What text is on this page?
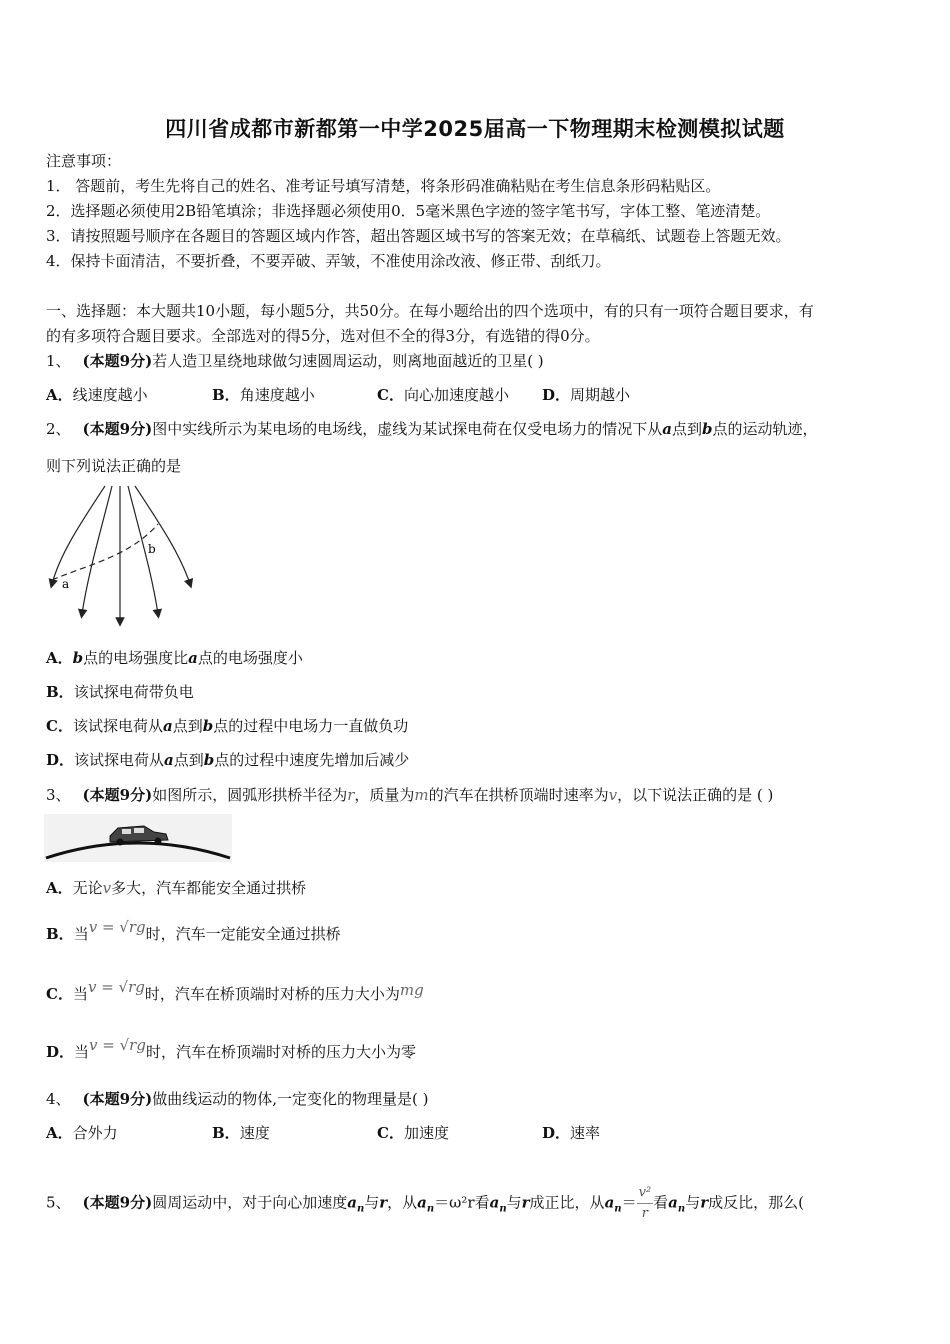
四川省成都市新都第一中学2025届高一下物理期末检测模拟试题
注意事项：
1． 答题前，考生先将自己的姓名、准考证号填写清楚，将条形码准确粘贴在考生信息条形码粘贴区。
2．选择题必须使用2B铅笔填涂；非选择题必须使用0．5毫米黑色字迹的签字笔书写，字体工整、笔迹清楚。
3．请按照题号顺序在各题目的答题区域内作答，超出答题区域书写的答案无效；在草稿纸、试题卷上答题无效。
4．保持卡面清洁，不要折叠，不要弄破、弄皱，不准使用涂改液、修正带、刮纸刀。
一、选择题：本大题共10小题，每小题5分，共50分。在每小题给出的四个选项中，有的只有一项符合题目要求，有
的有多项符合题目要求。全部选对的得5分，选对但不全的得3分，有选错的得0分。
1、 (本题9分)若人造卫星绕地球做匀速圆周运动，则离地面越近的卫星( )
A．线速度越小	B．角速度越小	C．向心加速度越小 D．周期越小
2、 (本题9分)图中实线所示为某电场的电场线，虚线为某试探电荷在仅受电场力的情况下从a点到b点的运动轨迹，
则下列说法正确的是
a
b
A．b点的电场强度比a点的电场强度小
B．该试探电荷带负电
C．该试探电荷从a点到b点的过程中电场力一直做负功
D．该试探电荷从a点到b点的过程中速度先增加后减少
3、 (本题9分)如图所示，圆弧形拱桥半径为r，质量为m的汽车在拱桥顶端时速率为v，以下说法正确的是 ( )
A．无论v多大，汽车都能安全通过拱桥
B．当v = √rg时，汽车一定能安全通过拱桥
C．当v = √rg时，汽车在桥顶端时对桥的压力大小为mg
D．当v = √rg时，汽车在桥顶端时对桥的压力大小为零
4、 (本题9分)做曲线运动的物体,一定变化的物理量是( )
A．合外力	B．速度	C．加速度	D．速率
5、 (本题9分)圆周运动中，对于向心加速度$a_n$与r，从$a_n=\omega^2r$看$a_n$与r成正比，从$a_n= \frac{\text{v²}}{r}$ 看$a_n$与r成反比，那么(
